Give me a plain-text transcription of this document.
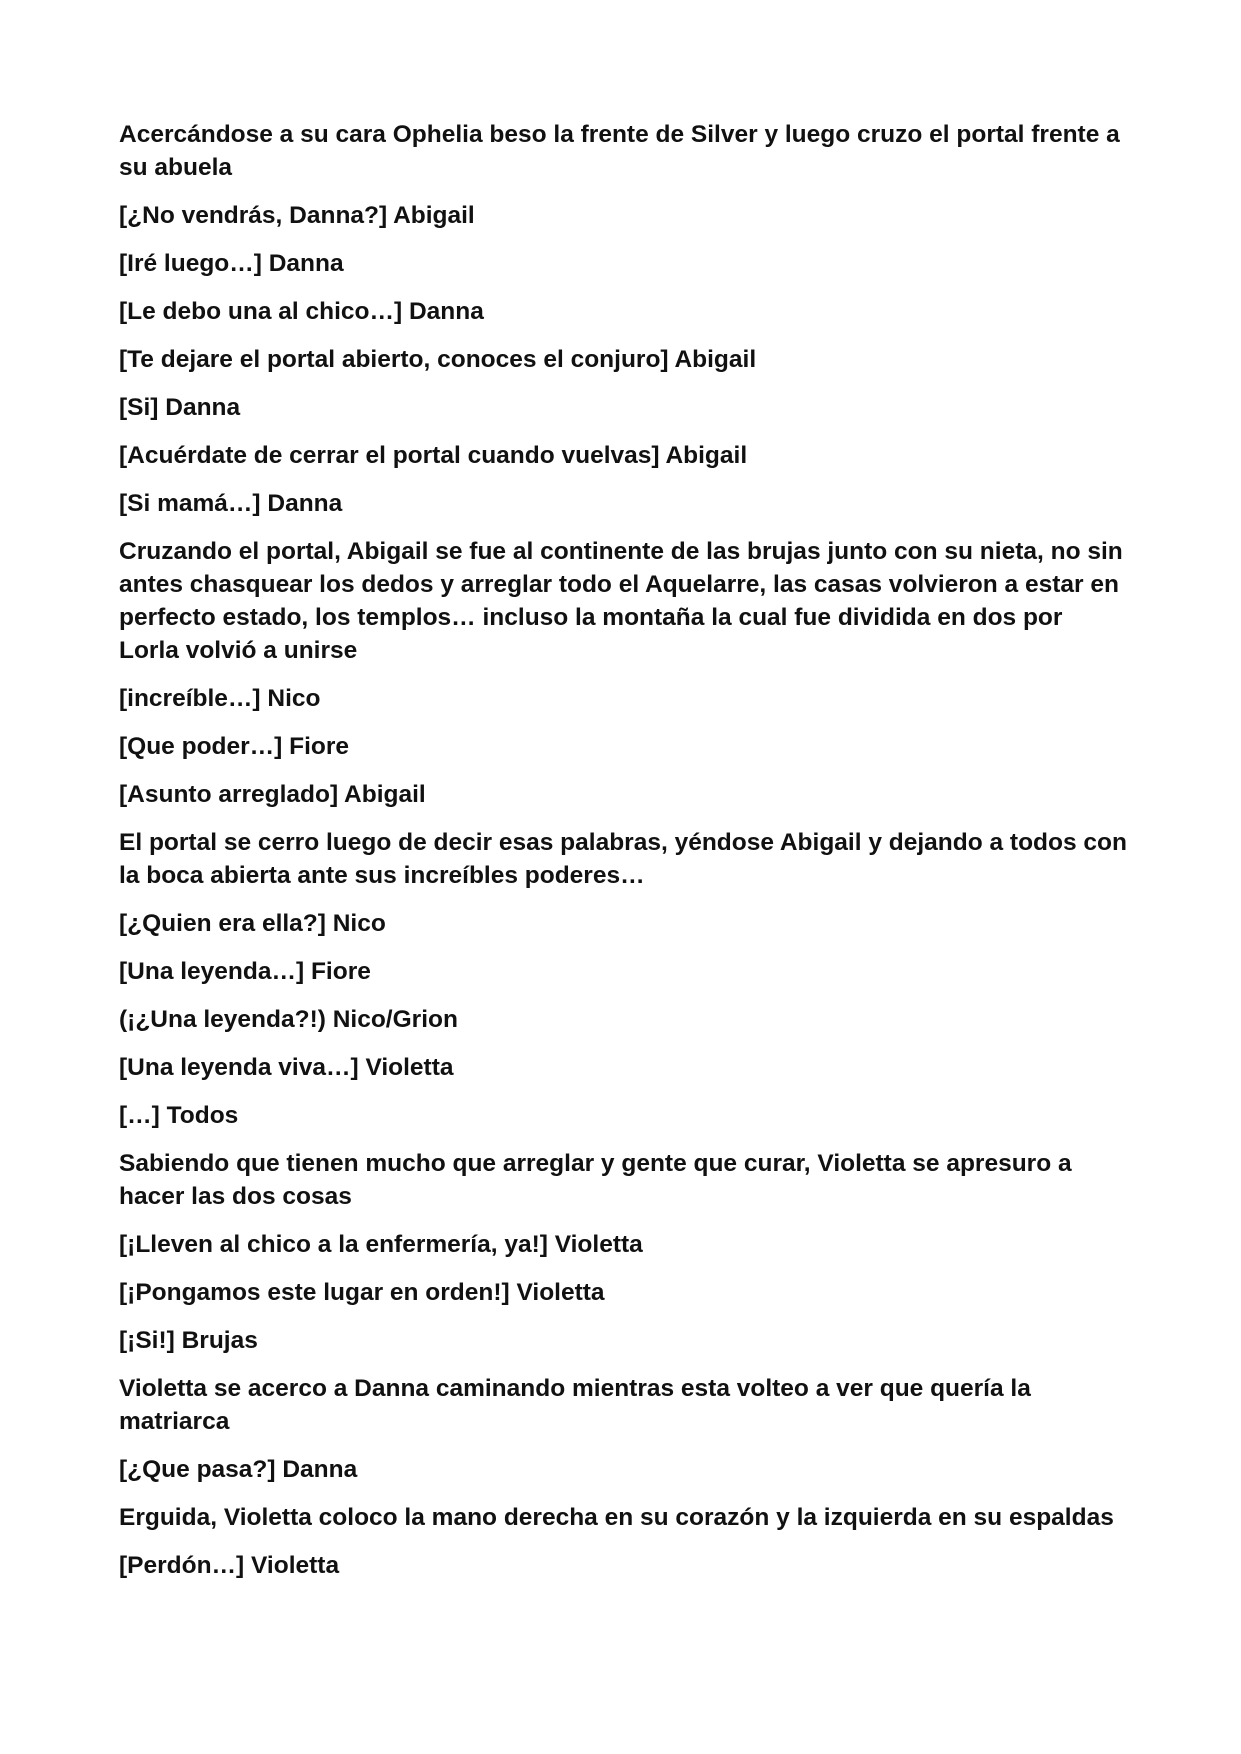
Acercándose a su cara Ophelia beso la frente de Silver y luego cruzo el portal frente a su abuela

[¿No vendrás, Danna?] Abigail

[Iré luego…] Danna

[Le debo una al chico…] Danna

[Te dejare el portal abierto, conoces el conjuro] Abigail

[Si] Danna

[Acuérdate de cerrar el portal cuando vuelvas] Abigail

[Si mamá…] Danna

Cruzando el portal, Abigail se fue al continente de las brujas junto con su nieta, no sin antes chasquear los dedos y arreglar todo el Aquelarre, las casas volvieron a estar en perfecto estado, los templos… incluso la montaña la cual fue dividida en dos por Lorla volvió a unirse

[increíble…] Nico

[Que poder…] Fiore

[Asunto arreglado] Abigail

El portal se cerro luego de decir esas palabras, yéndose Abigail y dejando a todos con la boca abierta ante sus increíbles poderes…

[¿Quien era ella?] Nico

[Una leyenda…] Fiore

(¡¿Una leyenda?!) Nico/Grion

[Una leyenda viva…] Violetta

[…] Todos

Sabiendo que tienen mucho que arreglar y gente que curar, Violetta se apresuro a hacer las dos cosas

[¡Lleven al chico a la enfermería, ya!] Violetta

[¡Pongamos este lugar en orden!] Violetta

[¡Si!] Brujas

Violetta se acerco a Danna caminando mientras esta volteo a ver que quería la matriarca

[¿Que pasa?] Danna

Erguida, Violetta coloco la mano derecha en su corazón y la izquierda en su espaldas

[Perdón…] Violetta
